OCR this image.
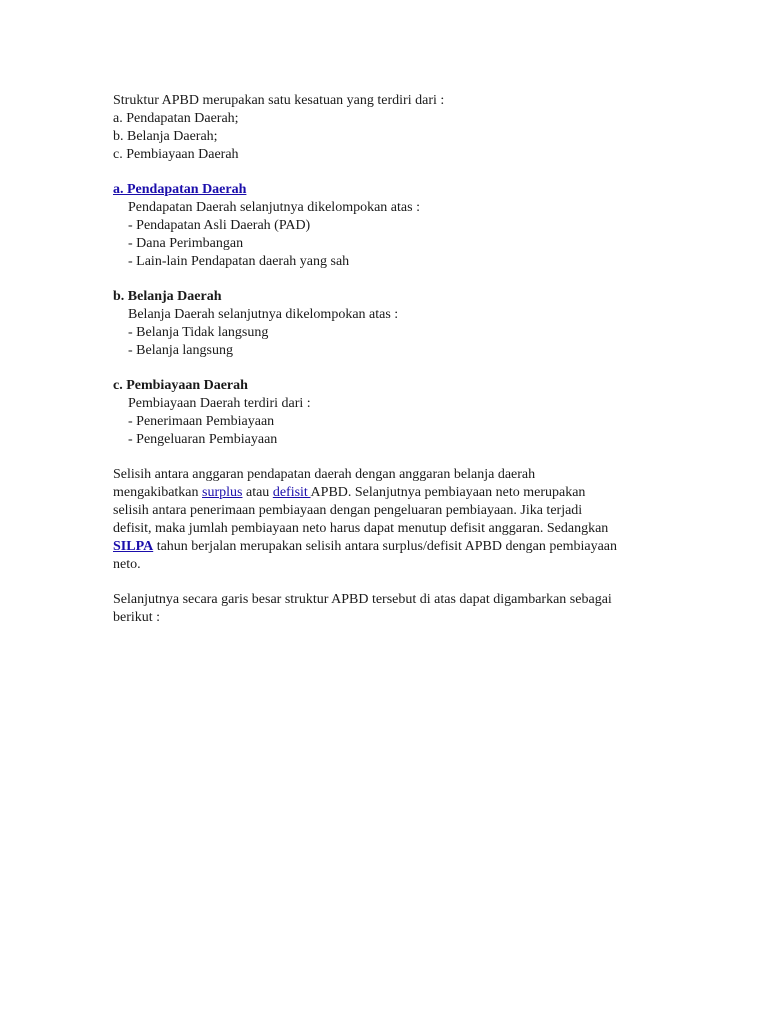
Struktur APBD merupakan satu kesatuan yang terdiri dari :
a. Pendapatan Daerah;
b. Belanja Daerah;
c. Pembiayaan Daerah
a. Pendapatan Daerah
Pendapatan Daerah selanjutnya dikelompokan atas :
- Pendapatan Asli Daerah (PAD)
- Dana Perimbangan
- Lain-lain Pendapatan daerah yang sah
b. Belanja Daerah
Belanja Daerah selanjutnya dikelompokan atas :
- Belanja Tidak langsung
- Belanja langsung
c. Pembiayaan Daerah
Pembiayaan Daerah terdiri dari :
- Penerimaan Pembiayaan
- Pengeluaran Pembiayaan
Selisih antara anggaran pendapatan daerah dengan anggaran belanja daerah
mengakibatkan surplus atau defisit APBD. Selanjutnya pembiayaan neto merupakan
selisih antara penerimaan pembiayaan dengan pengeluaran pembiayaan. Jika terjadi
defisit, maka jumlah pembiayaan neto harus dapat menutup defisit anggaran. Sedangkan
SILPA tahun berjalan merupakan selisih antara surplus/defisit APBD dengan pembiayaan
neto.
Selanjutnya secara garis besar struktur APBD tersebut di atas dapat digambarkan sebagai
berikut :
